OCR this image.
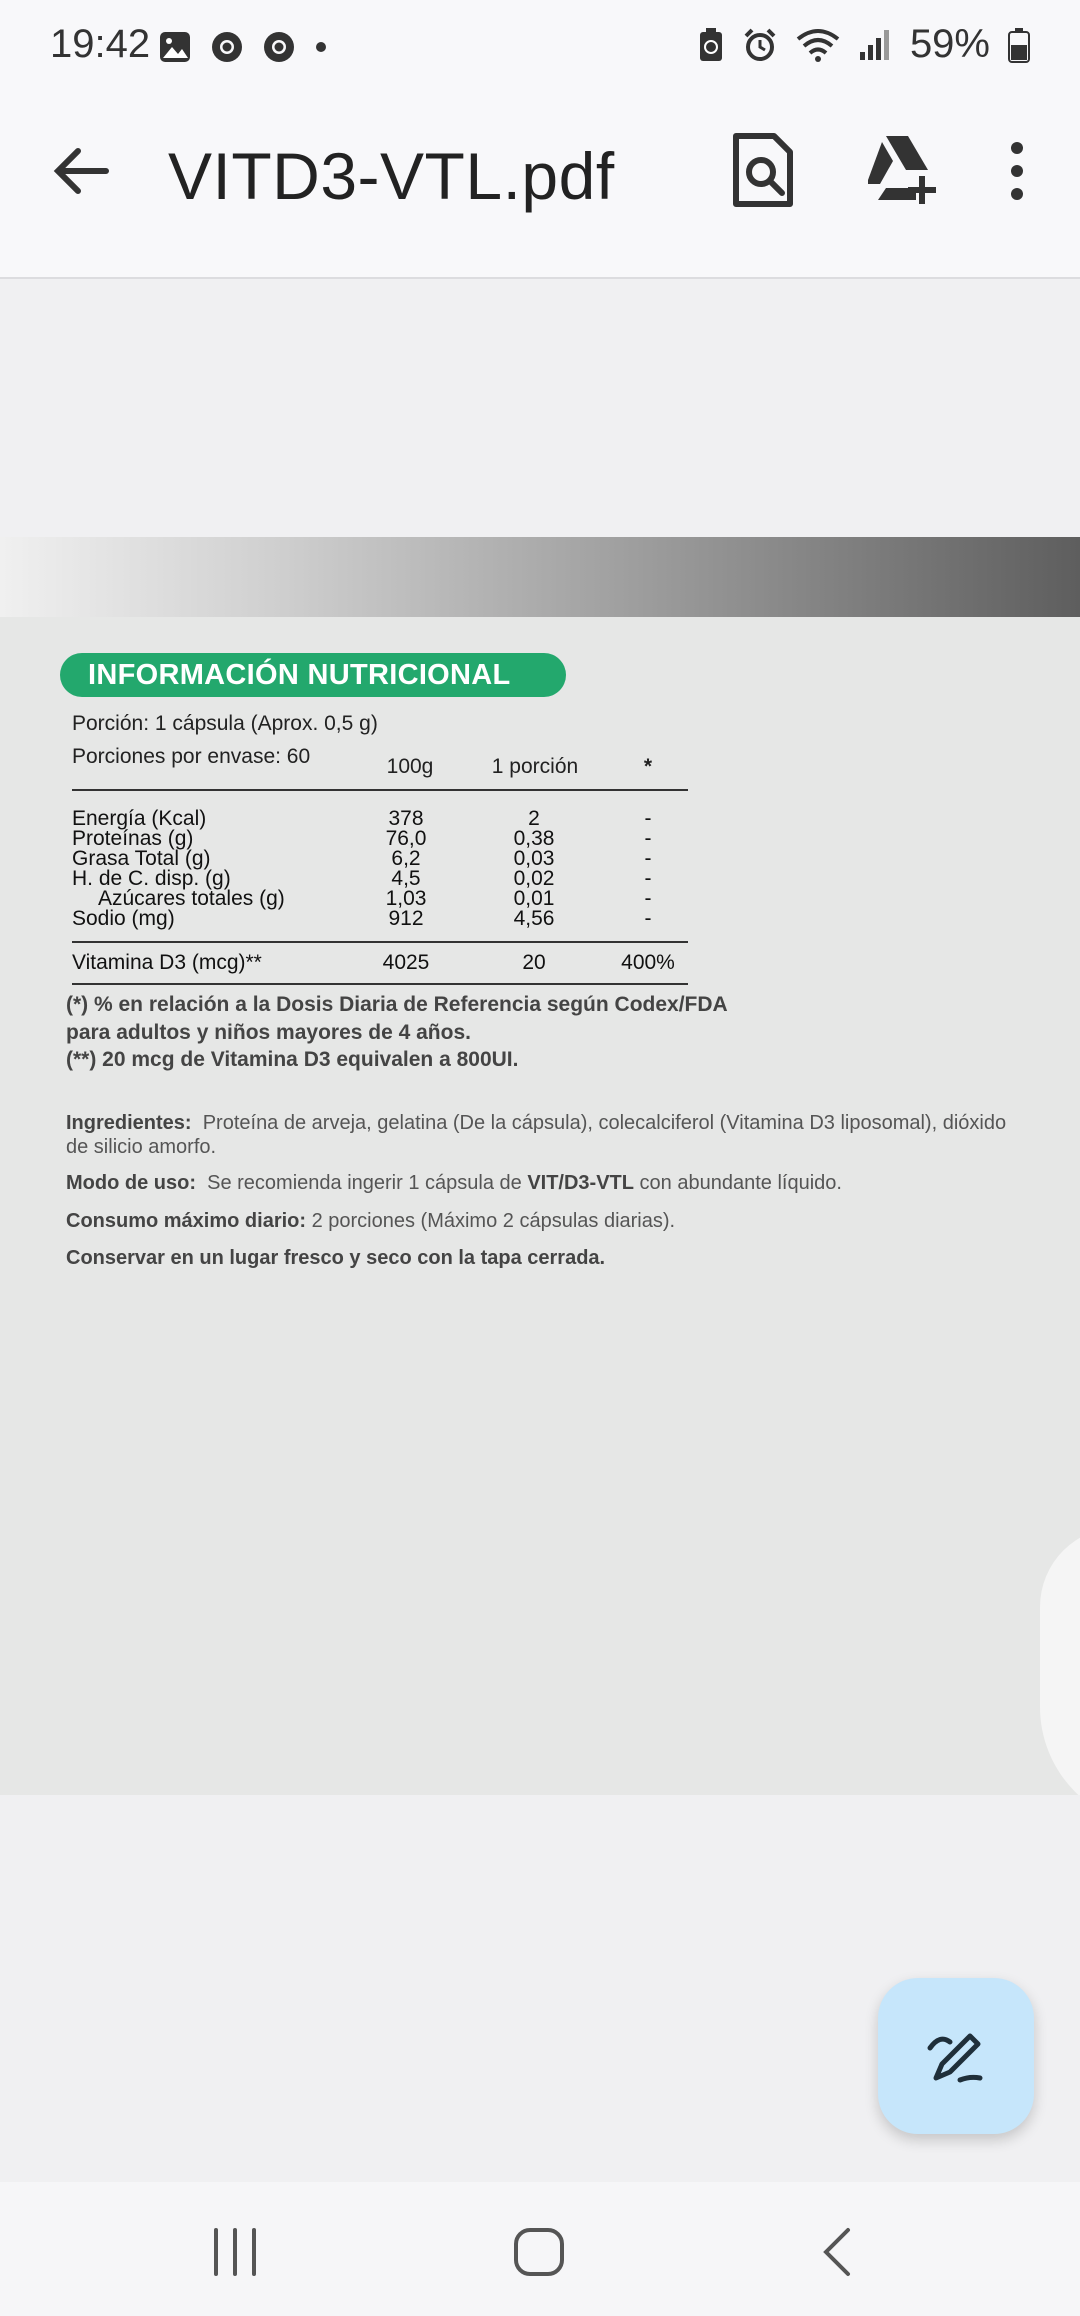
19:42	59%
VITD3-VTL.pdf
INFORMACIÓN NUTRICIONAL
Porción: 1 cápsula (Aprox. 0,5 g)
Porciones por envase: 60	100g	1 porción	*
Energía (Kcal)	378	2	-
Proteínas (g)	76,0	0,38	-
Grasa Total (g)	6,2	0,03	-
H. de C. disp. (g)	4,5	0,02	-
Azúcares totales (g)	1,03	0,01	-
Sodio (mg)	912	4,56	-
Vitamina D3 (mcg)**	4025	20	400%
(*) % en relación a la Dosis Diaria de Referencia según Codex/FDA
para adultos y niños mayores de 4 años.
(**) 20 mcg de Vitamina D3 equivalen a 800UI.
Ingredientes: Proteína de arveja, gelatina (De la cápsula), colecalciferol (Vitamina D3 liposomal), dióxido de silicio amorfo.
Modo de uso: Se recomienda ingerir 1 cápsula de VIT/D3-VTL con abundante líquido.
Consumo máximo diario: 2 porciones (Máximo 2 cápsulas diarias).
Conservar en un lugar fresco y seco con la tapa cerrada.
